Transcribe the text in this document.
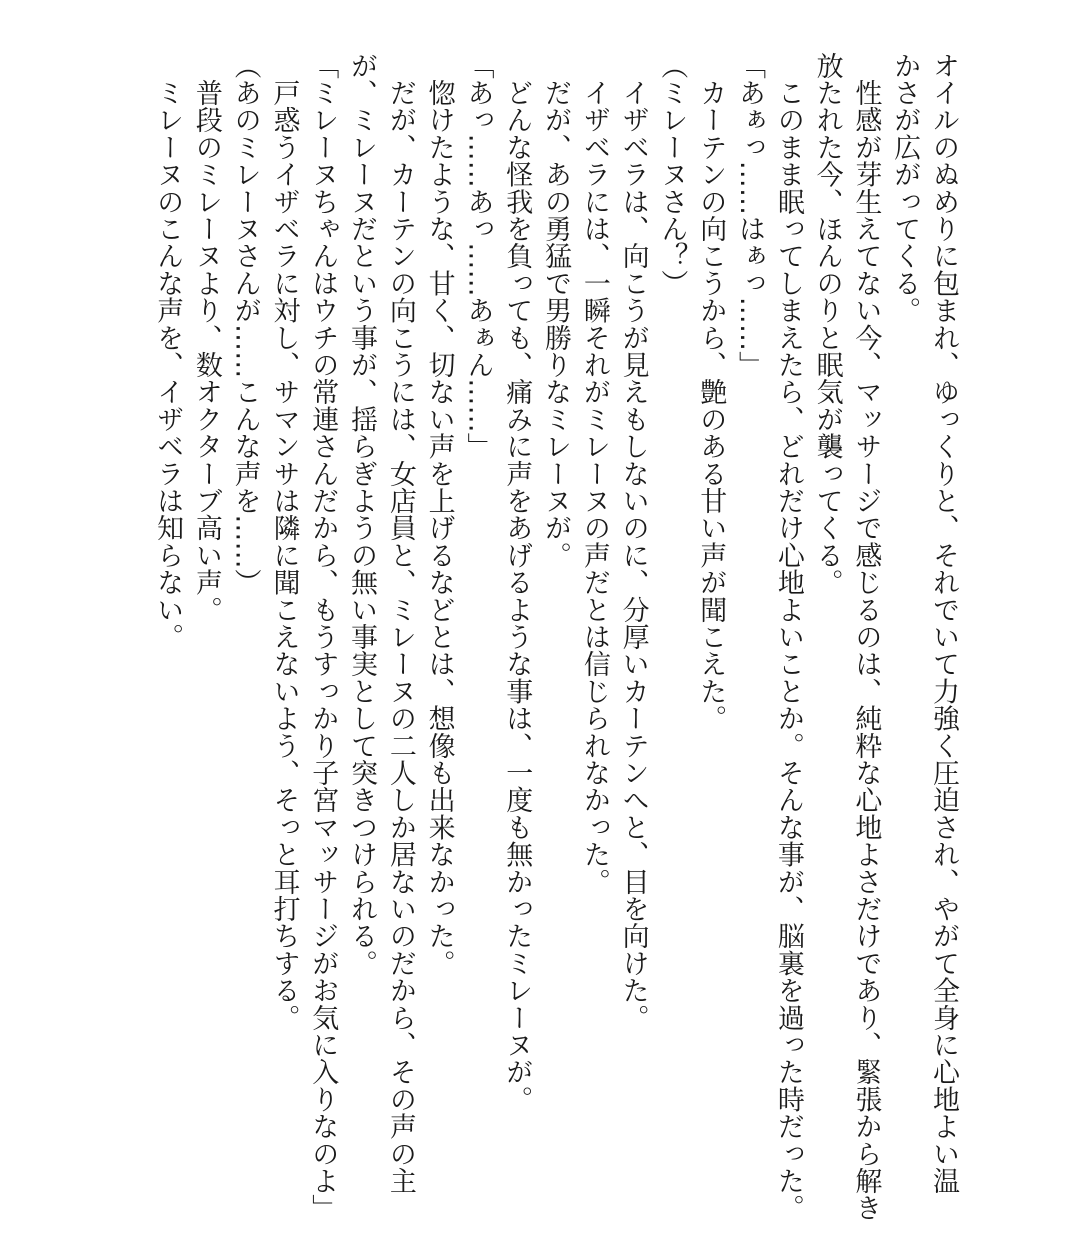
オイルのぬめりに包まれ、ゆっくりと、それでいて力強く圧迫され、やがて全身に心地よい温

かさが広がってくる。

　性感が芽生えてない今、マッサージで感じるのは、純粋な心地よさだけであり、緊張から解き

放たれた今、ほんのりと眠気が襲ってくる。

　このまま眠ってしまえたら、どれだけ心地よいことか。そんな事が、脳裏を過った時だった。

「あぁっ……はぁっ……」

　カーテンの向こうから、艶のある甘い声が聞こえた。

（ミレーヌさん？）

　イザベラは、向こうが見えもしないのに、分厚いカーテンへと、目を向けた。

　イザベラには、一瞬それがミレーヌの声だとは信じられなかった。

　だが、あの勇猛で男勝りなミレーヌが。

　どんな怪我を負っても、痛みに声をあげるような事は、一度も無かったミレーヌが。

「あっ……あっ……あぁん……」

　惚けたような、甘く、切ない声を上げるなどとは、想像も出来なかった。

　だが、カーテンの向こうには、女店員と、ミレーヌの二人しか居ないのだから、その声の主

が、ミレーヌだという事が、揺らぎようの無い事実として突きつけられる。

「ミレーヌちゃんはウチの常連さんだから、もうすっかり子宮マッサージがお気に入りなのよ」

　戸惑うイザベラに対し、サマンサは隣に聞こえないよう、そっと耳打ちする。

（あのミレーヌさんが……こんな声を……）

　普段のミレーヌより、数オクターブ高い声。

　ミレーヌのこんな声を、イザベラは知らない。
